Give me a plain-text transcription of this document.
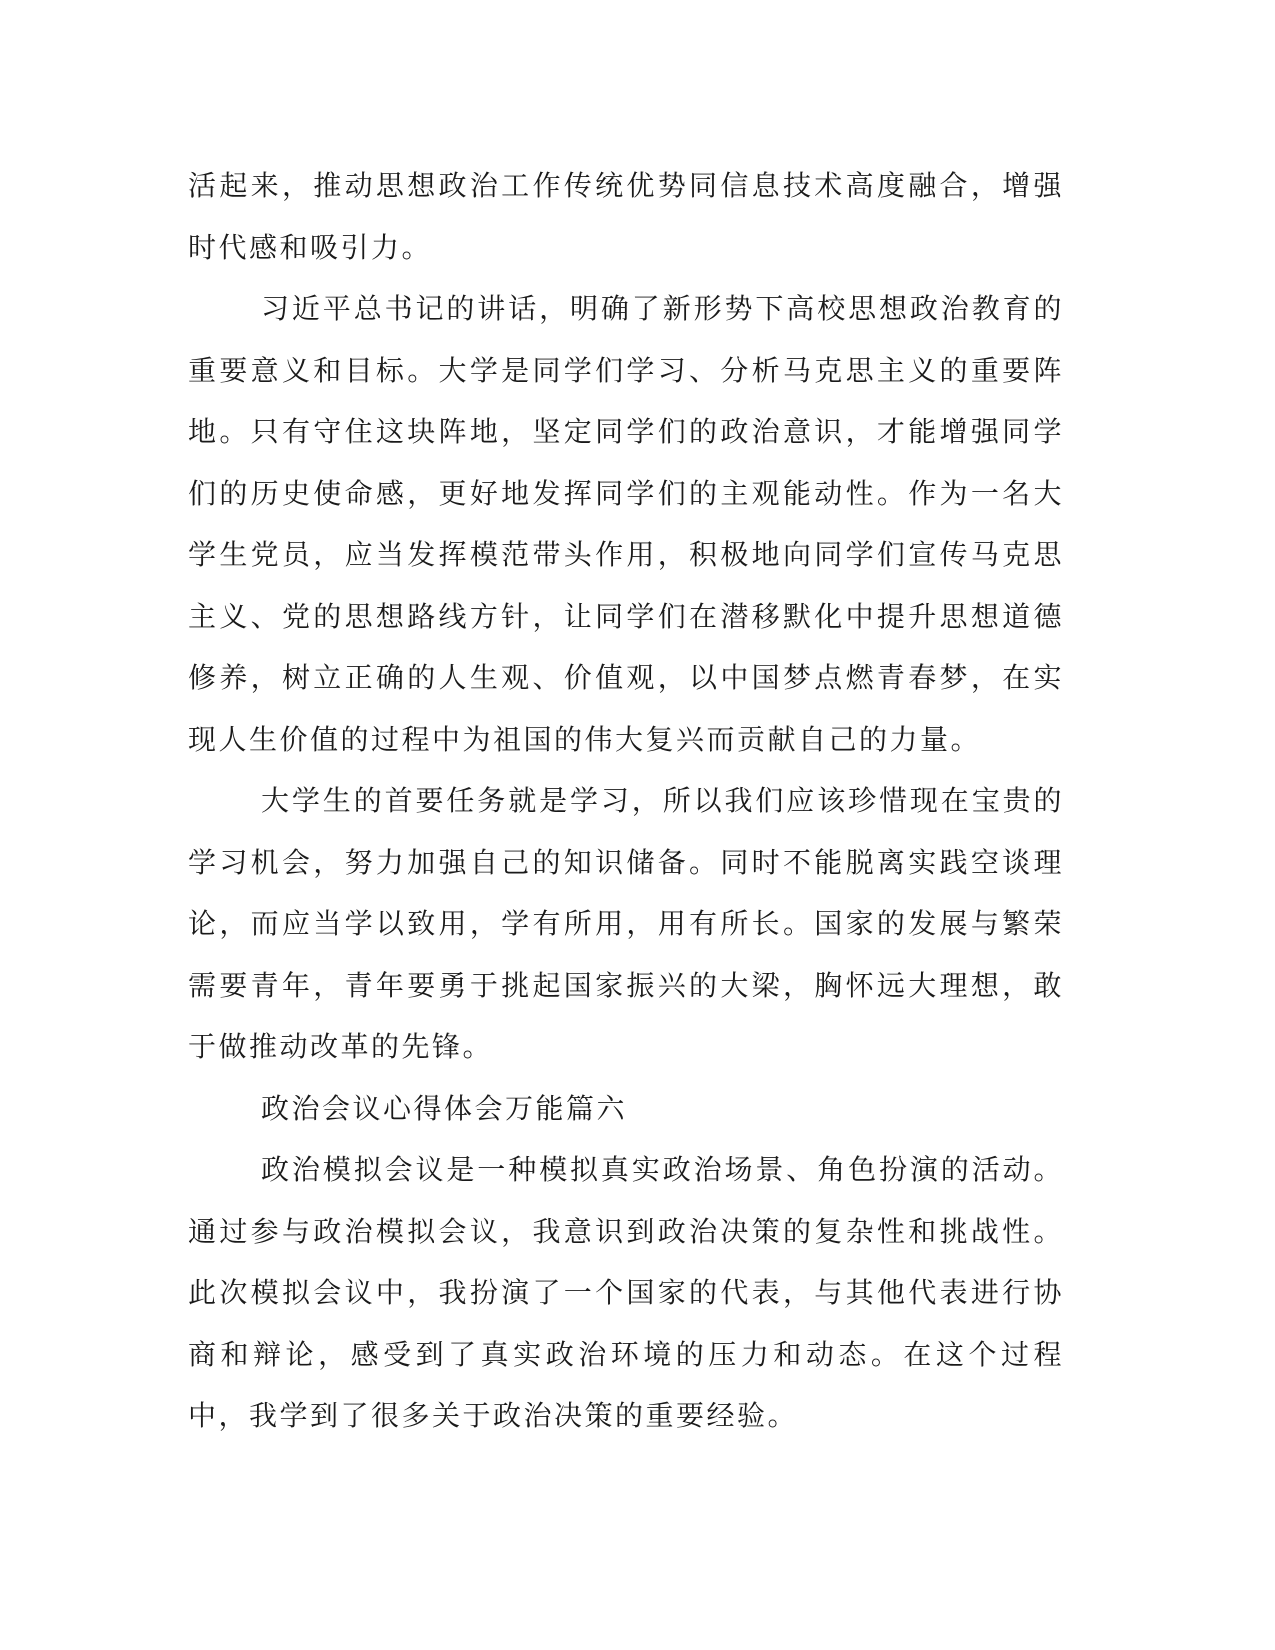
活起来，推动思想政治工作传统优势同信息技术高度融合，增强时代感和吸引力。

习近平总书记的讲话，明确了新形势下高校思想政治教育的重要意义和目标。大学是同学们学习、分析马克思主义的重要阵地。只有守住这块阵地，坚定同学们的政治意识，才能增强同学们的历史使命感，更好地发挥同学们的主观能动性。作为一名大学生党员，应当发挥模范带头作用，积极地向同学们宣传马克思主义、党的思想路线方针，让同学们在潜移默化中提升思想道德修养，树立正确的人生观、价值观，以中国梦点燃青春梦，在实现人生价值的过程中为祖国的伟大复兴而贡献自己的力量。

大学生的首要任务就是学习，所以我们应该珍惜现在宝贵的学习机会，努力加强自己的知识储备。同时不能脱离实践空谈理论，而应当学以致用，学有所用，用有所长。国家的发展与繁荣需要青年，青年要勇于挑起国家振兴的大梁，胸怀远大理想，敢于做推动改革的先锋。

政治会议心得体会万能篇六

政治模拟会议是一种模拟真实政治场景、角色扮演的活动。通过参与政治模拟会议，我意识到政治决策的复杂性和挑战性。此次模拟会议中，我扮演了一个国家的代表，与其他代表进行协商和辩论，感受到了真实政治环境的压力和动态。在这个过程中，我学到了很多关于政治决策的重要经验。
